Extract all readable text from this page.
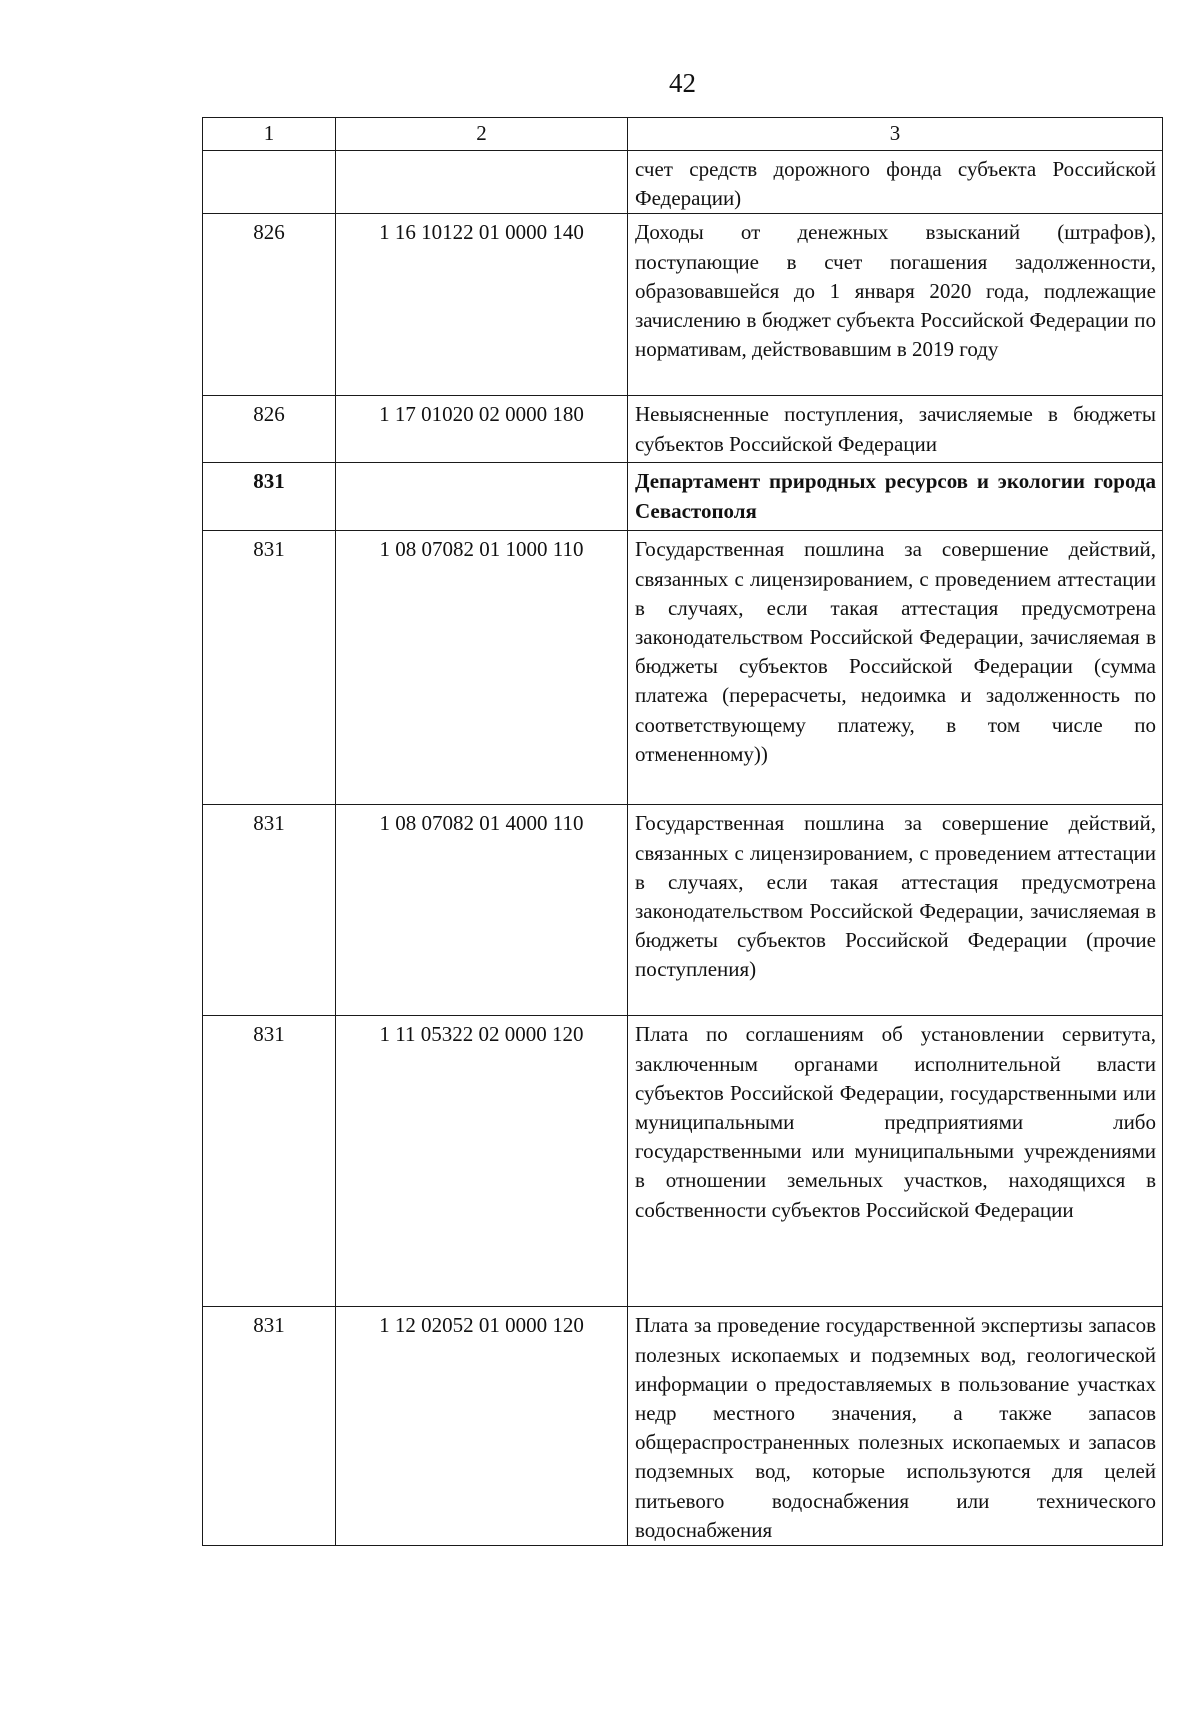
42
1	2	3
		счет средств дорожного фонда субъекта Российской Федерации)
826	1 16 10122 01 0000 140	Доходы от денежных взысканий (штрафов), поступающие в счет погашения задолженности, образовавшейся до 1 января 2020 года, подлежащие зачислению в бюджет субъекта Российской Федерации по нормативам, действовавшим в 2019 году
826	1 17 01020 02 0000 180	Невыясненные поступления, зачисляемые в бюджеты субъектов Российской Федерации
831		Департамент природных ресурсов и экологии города Севастополя
831	1 08 07082 01 1000 110	Государственная пошлина за совершение действий, связанных с лицензированием, с проведением аттестации в случаях, если такая аттестация предусмотрена законодательством Российской Федерации, зачисляемая в бюджеты субъектов Российской Федерации (сумма платежа (перерасчеты, недоимка и задолженность по соответствующему платежу, в том числе по отмененному))
831	1 08 07082 01 4000 110	Государственная пошлина за совершение действий, связанных с лицензированием, с проведением аттестации в случаях, если такая аттестация предусмотрена законодательством Российской Федерации, зачисляемая в бюджеты субъектов Российской Федерации (прочие поступления)
831	1 11 05322 02 0000 120	Плата по соглашениям об установлении сервитута, заключенным органами исполнительной власти субъектов Российской Федерации, государственными или муниципальными предприятиями либо государственными или муниципальными учреждениями в отношении земельных участков, находящихся в собственности субъектов Российской Федерации
831	1 12 02052 01 0000 120	Плата за проведение государственной экспертизы запасов полезных ископаемых и подземных вод, геологической информации о предоставляемых в пользование участках недр местного значения, а также запасов общераспространенных полезных ископаемых и запасов подземных вод, которые используются для целей питьевого водоснабжения или технического водоснабжения
